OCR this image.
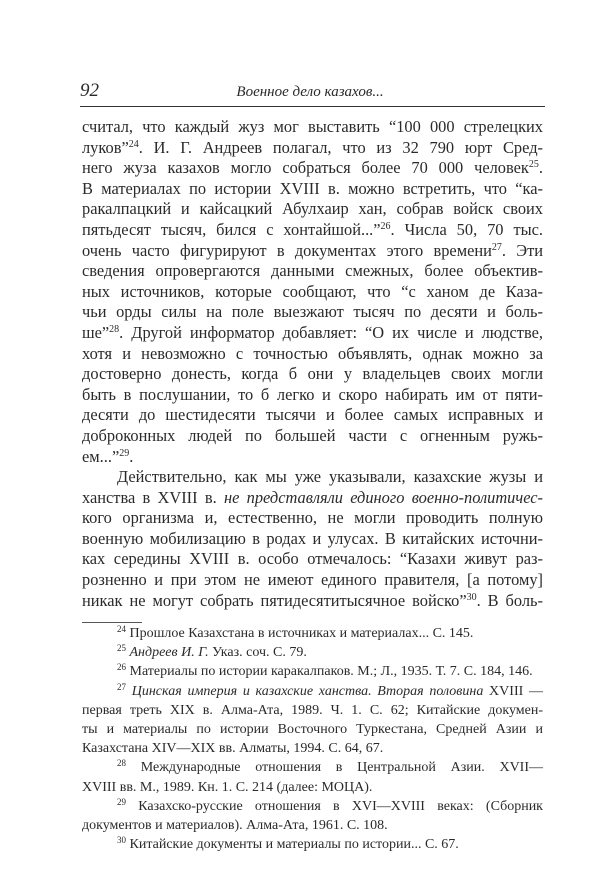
92	Военное дело казахов...
считал, что каждый жуз мог выставить “100 000 стрелецких
луков”$^{24}$. И. Г. Андреев полагал, что из 32 790 юрт Сред-
него жуза казахов могло собраться более 70 000 человек$^{25}$.
В материалах по истории XVIII в. можно встретить, что “ка-
ракалпацкий и кайсацкий Абулхаир хан, собрав войск своих
пятьдесят тысяч, бился с хонтайшой...”$^{26}$. Числа 50, 70 тыс.
очень часто фигурируют в документах этого времени$^{27}$. Эти
сведения опровергаются данными смежных, более объектив-
ных источников, которые сообщают, что “с ханом де Каза-
чьи орды силы на поле выезжают тысяч по десяти и боль-
ше”$^{28}$. Другой информатор добавляет: “О их числе и людстве,
хотя и невозможно с точностью объявлять, однак можно за
достоверно донесть, когда б они у владельцев своих могли
быть в послушании, то б легко и скоро набирать им от пяти-
десяти до шестидесяти тысячи и более самых исправных и
доброконных людей по большей части с огненным ружь-
ем...”$^{29}$.
Действительно, как мы уже указывали, казахские жузы и
ханства в XVIII в. не представляли единого военно-политичес-
кого организма и, естественно, не могли проводить полную
военную мобилизацию в родах и улусах. В китайских источни-
ках середины XVIII в. особо отмечалось: “Казахи живут раз-
розненно и при этом не имеют единого правителя, [а потому]
никак не могут собрать пятидесятитысячное войско”$^{30}$. В боль-
$^{24}$ Прошлое Казахстана в источниках и материалах... С. 145.
$^{25}$ Андреев И. Г. Указ. соч. С. 79.
$^{26}$ Материалы по истории каракалпаков. М.; Л., 1935. Т. 7. С. 184, 146.
$^{27}$ Цинская империя и казахские ханства. Вторая половина XVIII —
первая треть XIX в. Алма-Ата, 1989. Ч. 1. С. 62; Китайские докумен-
ты и материалы по истории Восточного Туркестана, Средней Азии и
Казахстана XIV—XIX вв. Алматы, 1994. С. 64, 67.
$^{28}$ Международные отношения в Центральной Азии. XVII—
XVIII вв. М., 1989. Кн. 1. С. 214 (далее: МОЦА).
$^{29}$ Казахско-русские отношения в XVI—XVIII веках: (Сборник
документов и материалов). Алма-Ата, 1961. С. 108.
$^{30}$ Китайские документы и материалы по истории... С. 67.
